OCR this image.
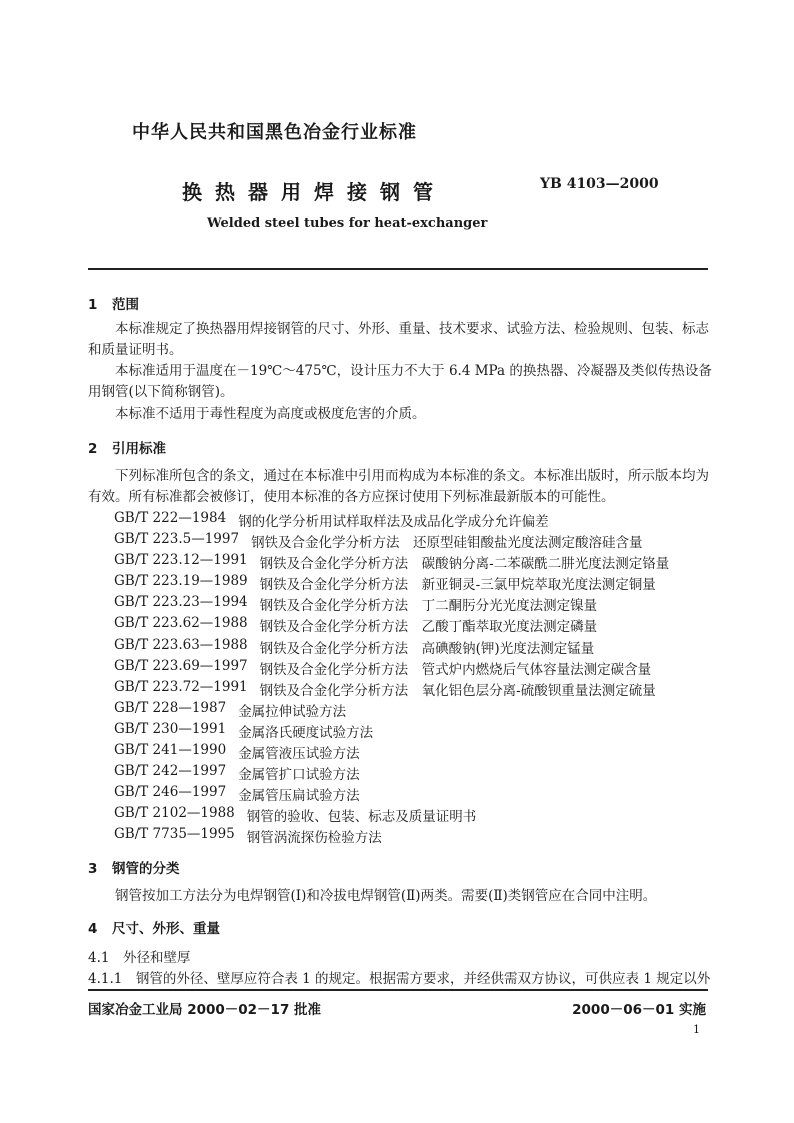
中华人民共和国黑色冶金行业标准
换热器用焊接钢管	YB 4103—2000
Welded steel tubes for heat-exchanger
1 范围
本标准规定了换热器用焊接钢管的尺寸、外形、重量、技术要求、试验方法、检验规则、包装、标志和质量证明书。
本标准适用于温度在－19℃～475℃，设计压力不大于 6.4 MPa 的换热器、冷凝器及类似传热设备用钢管(以下简称钢管)。
本标准不适用于毒性程度为高度或极度危害的介质。
2 引用标准
下列标准所包含的条文，通过在本标准中引用而构成为本标准的条文。本标准出版时，所示版本均为有效。所有标准都会被修订，使用本标准的各方应探讨使用下列标准最新版本的可能性。
GB/T 222—1984 钢的化学分析用试样取样法及成品化学成分允许偏差
GB/T 223.5—1997 钢铁及合金化学分析方法　还原型硅钼酸盐光度法测定酸溶硅含量
GB/T 223.12—1991 钢铁及合金化学分析方法　碳酸钠分离-二苯碳酰二肼光度法测定铬量
GB/T 223.19—1989 钢铁及合金化学分析方法　新亚铜灵-三氯甲烷萃取光度法测定铜量
GB/T 223.23—1994 钢铁及合金化学分析方法　丁二酮肟分光光度法测定镍量
GB/T 223.62—1988 钢铁及合金化学分析方法　乙酸丁酯萃取光度法测定磷量
GB/T 223.63—1988 钢铁及合金化学分析方法　高碘酸钠(钾)光度法测定锰量
GB/T 223.69—1997 钢铁及合金化学分析方法　管式炉内燃烧后气体容量法测定碳含量
GB/T 223.72—1991 钢铁及合金化学分析方法　氧化铝色层分离-硫酸钡重量法测定硫量
GB/T 228—1987 金属拉伸试验方法
GB/T 230—1991 金属洛氏硬度试验方法
GB/T 241—1990 金属管液压试验方法
GB/T 242—1997 金属管扩口试验方法
GB/T 246—1997 金属管压扁试验方法
GB/T 2102—1988 钢管的验收、包装、标志及质量证明书
GB/T 7735—1995 钢管涡流探伤检验方法
3 钢管的分类
钢管按加工方法分为电焊钢管(Ⅰ)和冷拔电焊钢管(Ⅱ)两类。需要(Ⅱ)类钢管应在合同中注明。
4 尺寸、外形、重量
4.1　 外径和壁厚
4.1.1　 钢管的外径、壁厚应符合表 1 的规定。根据需方要求，并经供需双方协议，可供应表 1 规定以外
国家冶金工业局 2000－02－17 批准	2000－06－01 实施
1
